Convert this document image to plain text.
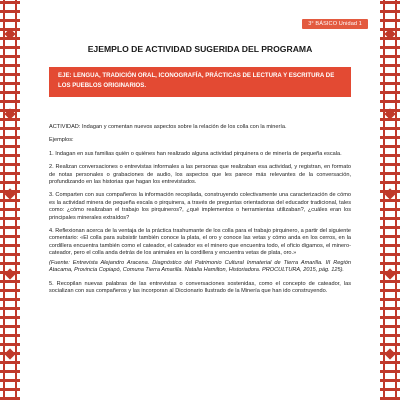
3° BÁSICO Unidad 1
EJEMPLO DE ACTIVIDAD SUGERIDA DEL PROGRAMA
EJE: LENGUA, TRADICIÓN ORAL, ICONOGRAFÍA, PRÁCTICAS DE LECTURA Y ESCRITURA DE LOS PUEBLOS ORIGINARIOS.

ACTIVIDAD: Indagan y comentan nuevos aspectos sobre la relación de los colla con la minería.

Ejemplos:

1. Indagan en sus familias quién o quiénes han realizado alguna actividad pirquinera o de minería de pequeña escala.

2. Realizan conversaciones o entrevistas informales a las personas que realizaban esa actividad, y registran, en formato de notas personales o grabaciones de audio, los aspectos que les parece más relevantes de la conversación, profundizando en las historias que hagan los entrevistados.

3. Comparten con sus compañeros la información recopilada, construyendo colectivamente una caracterización de cómo es la actividad minera de pequeña escala o pirquinera, a través de preguntas orientadoras del educador tradicional, tales como: ¿cómo realizaban el trabajo los pirquineros?, ¿qué implementos o herramientas utilizaban?, ¿cuáles eran los principales minerales extraídos?

4. Reflexionan acerca de la ventaja de la práctica trashumante de los colla para el trabajo pirquinero, a partir del siguiente comentario: «El colla para subsistir también conoce la plata, el oro y conoce las vetas y cómo anda en los cerros, en la cordillera encuentra también como el cateador, el cateador es el minero que encuentra todo, el oficio digamos, el minero-cateador, pero el colla anda detrás de los animales en la cordillera y encuentra vetas de plata, oro.»

(Fuente: Entrevista Alejandro Aracena. Diagnóstico del Patrimonio Cultural Inmaterial de Tierra Amarilla. III Región Atacama, Provincia Copiapó, Comuna Tierra Amarilla. Natalia Hamilton, Historiadora. PROCULTURA, 2015, pág. 125).

5. Recopilan nuevas palabras de las entrevistas o conversaciones sostenidas, como el concepto de cateador, las socializan con sus compañeros y las incorporan al Diccionario Ilustrado de la Minería que han ido construyendo.
